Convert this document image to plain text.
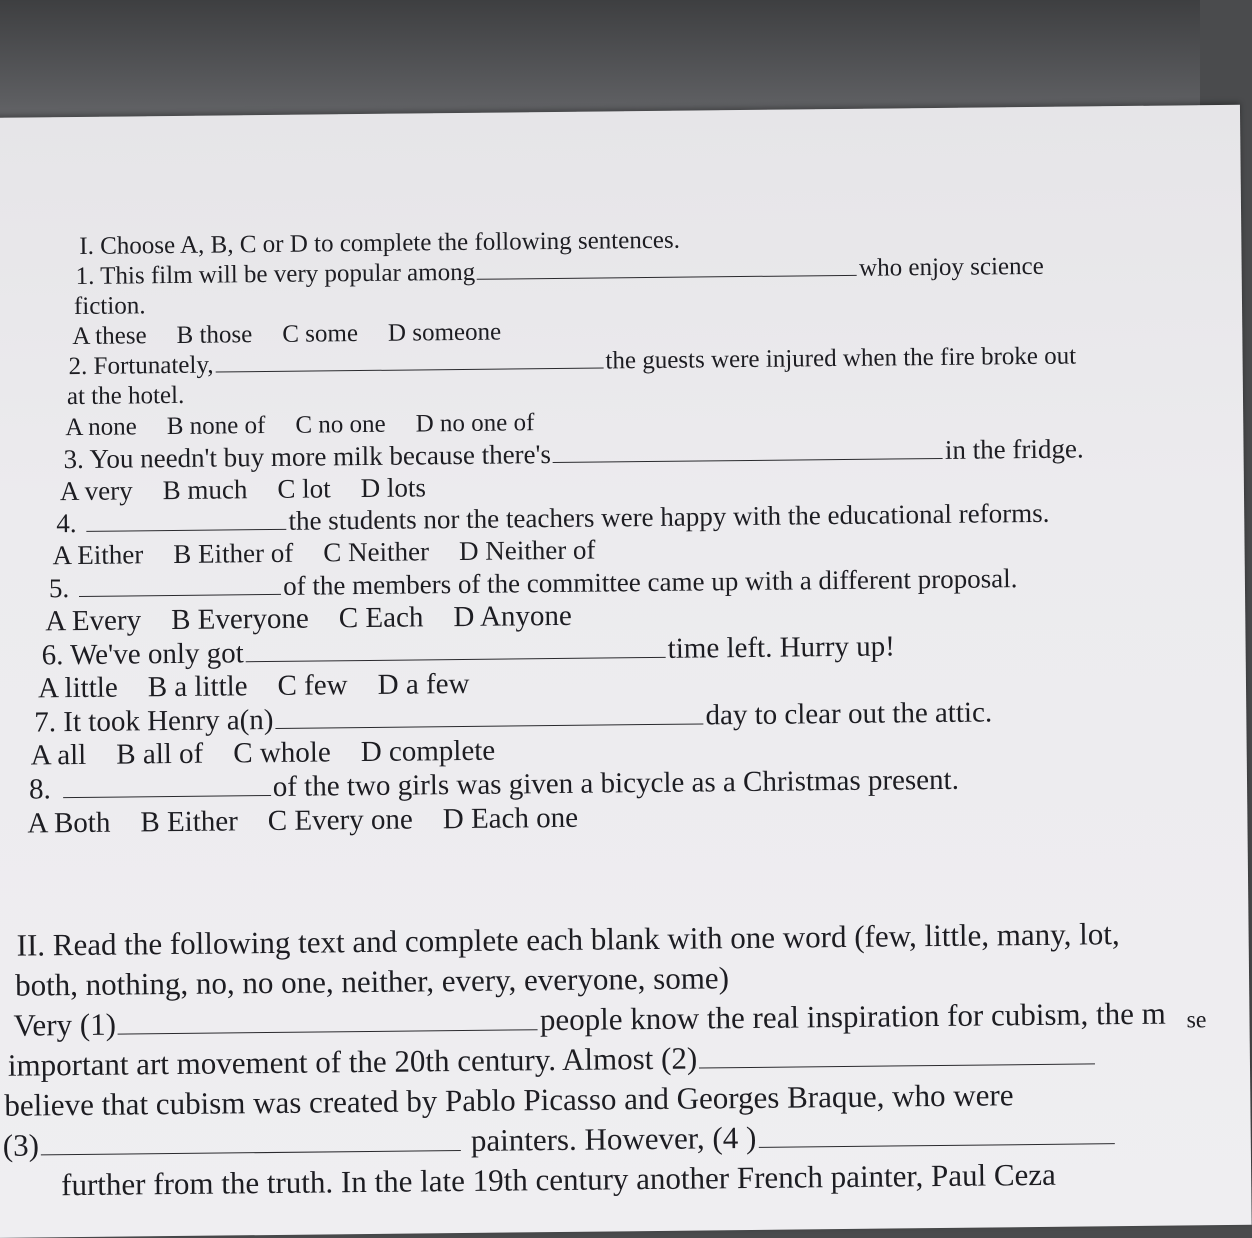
I. Choose A, B, C or D to complete the following sentences.
1. This film will be very popular among	who enjoy science
fiction.
A these B those C some D someone
2. Fortunately,	the guests were injured when the fire broke out
at the hotel.
A none B none of C no one D no one of
3. You needn't buy more milk because there's	in the fridge.
A very B much C lot D lots
4.	the students nor the teachers were happy with the educational reforms.
A Either B Either of C Neither D Neither of
5.	of the members of the committee came up with a different proposal.
A Every B Everyone C Each D Anyone
6. We've only got	time left. Hurry up!
A little B a little C few D a few
7. It took Henry a(n)	day to clear out the attic.
A all B all of C whole D complete
8.	of the two girls was given a bicycle as a Christmas present.
A Both B Either C Every one D Each one
II. Read the following text and complete each blank with one word (few, little, many, lot,
both, nothing, no, no one, neither, every, everyone, some)
Very (1)	people know the real inspiration for cubism, the m se
important art movement of the 20th century. Almost (2)
believe that cubism was created by Pablo Picasso and Georges Braque, who were
(3)	painters. However, (4 )
further from the truth. In the late 19th century another French painter, Paul Ceza
